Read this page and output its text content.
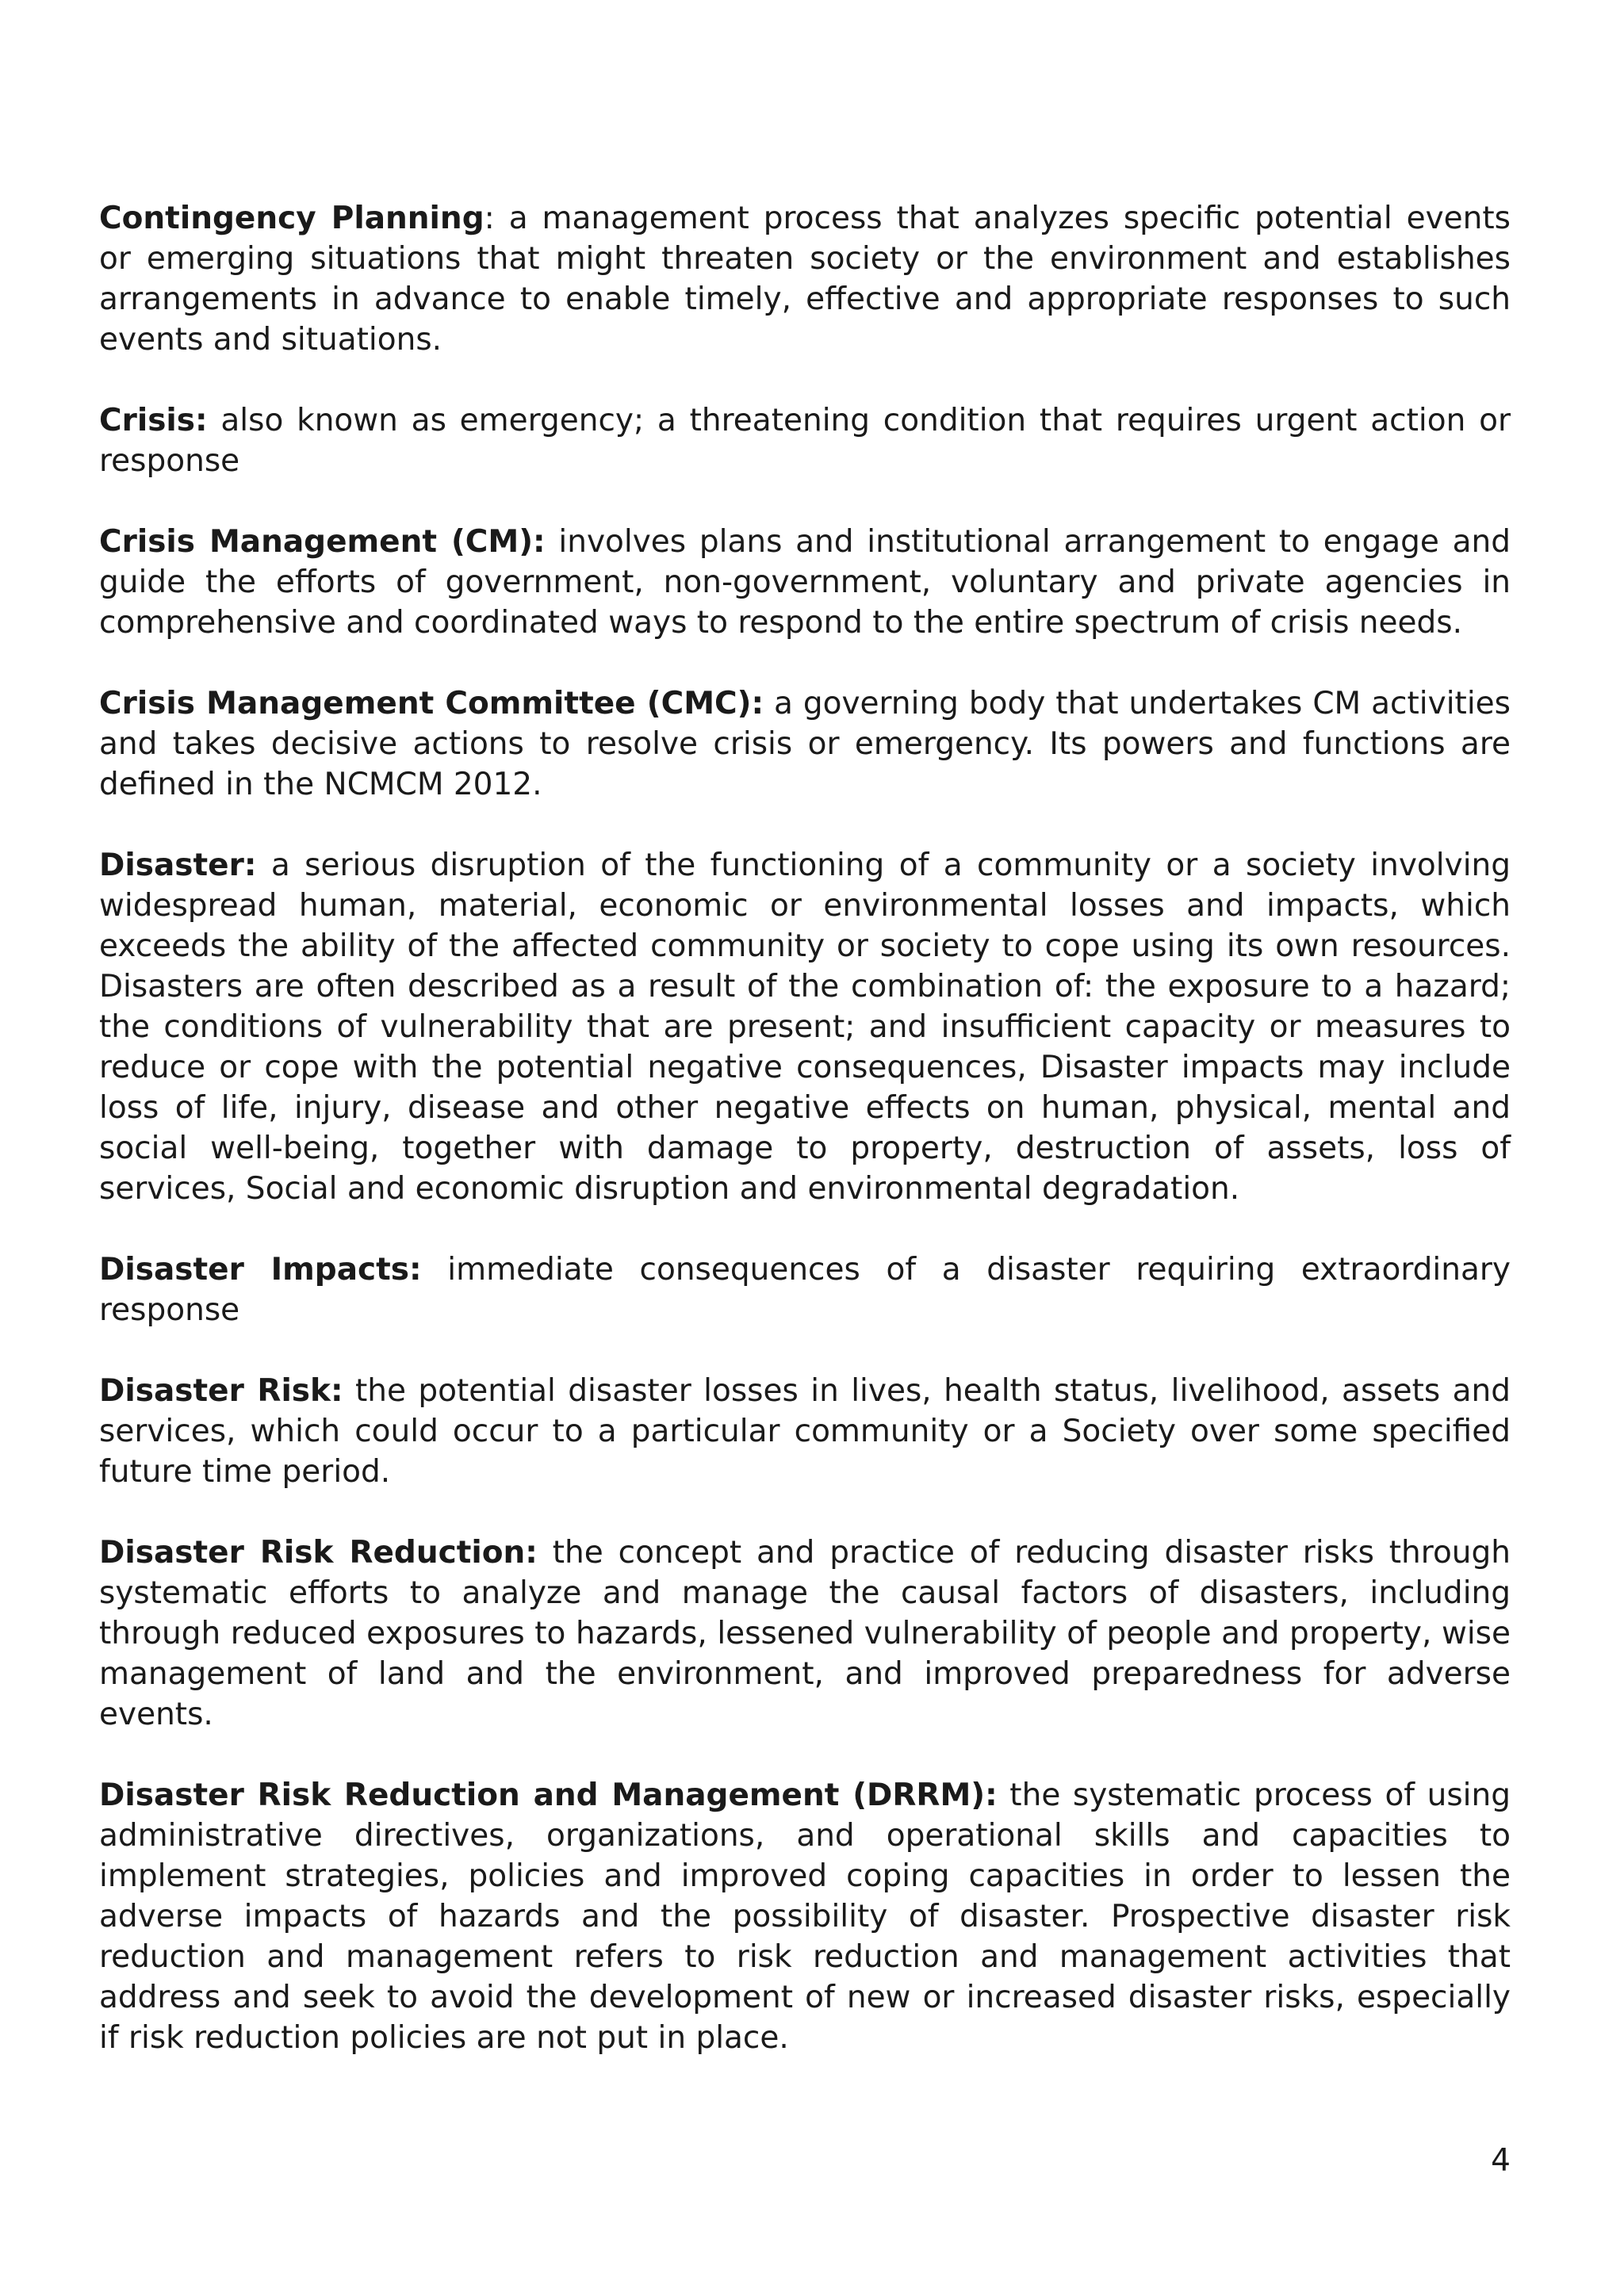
Contingency Planning: a management process that analyzes specific potential events or emerging situations that might threaten society or the environment and establishes arrangements in advance to enable timely, effective and appropriate responses to such events and situations.

Crisis: also known as emergency; a threatening condition that requires urgent action or response

Crisis Management (CM): involves plans and institutional arrangement to engage and guide the efforts of government, non-government, voluntary and private agencies in comprehensive and coordinated ways to respond to the entire spectrum of crisis needs.

Crisis Management Committee (CMC): a governing body that undertakes CM activities and takes decisive actions to resolve crisis or emergency. Its powers and functions are defined in the NCMCM 2012.

Disaster: a serious disruption of the functioning of a community or a society involving widespread human, material, economic or environmental losses and impacts, which exceeds the ability of the affected community or society to cope using its own resources. Disasters are often described as a result of the combination of: the exposure to a hazard; the conditions of vulnerability that are present; and insufficient capacity or measures to reduce or cope with the potential negative consequences, Disaster impacts may include loss of life, injury, disease and other negative effects on human, physical, mental and social well-being, together with damage to property, destruction of assets, loss of services, Social and economic disruption and environmental degradation.

Disaster Impacts: immediate consequences of a disaster requiring extraordinary response

Disaster Risk: the potential disaster losses in lives, health status, livelihood, assets and services, which could occur to a particular community or a Society over some specified future time period.

Disaster Risk Reduction: the concept and practice of reducing disaster risks through systematic efforts to analyze and manage the causal factors of disasters, including through reduced exposures to hazards, lessened vulnerability of people and property, wise management of land and the environment, and improved preparedness for adverse events.

Disaster Risk Reduction and Management (DRRM): the systematic process of using administrative directives, organizations, and operational skills and capacities to implement strategies, policies and improved coping capacities in order to lessen the adverse impacts of hazards and the possibility of disaster. Prospective disaster risk reduction and management refers to risk reduction and management activities that address and seek to avoid the development of new or increased disaster risks, especially if risk reduction policies are not put in place.

4
